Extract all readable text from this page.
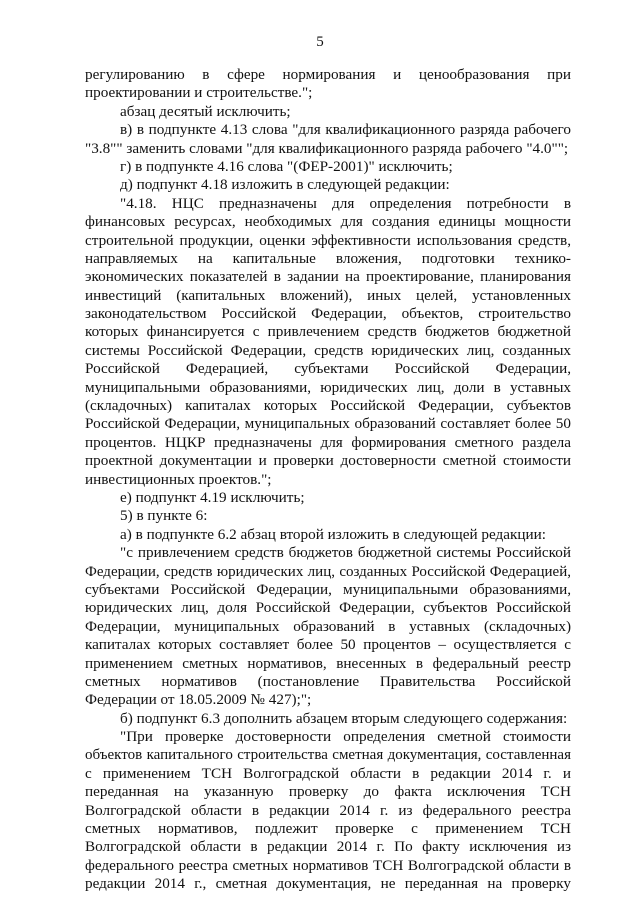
5
регулированию в сфере нормирования и ценообразования при
проектировании и строительстве.";
абзац десятый исключить;
в) в подпункте 4.13 слова "для квалификационного разряда рабочего
"3.8"" заменить словами "для квалификационного разряда рабочего "4.0"";
г) в подпункте 4.16 слова "(ФЕР-2001)" исключить;
д) подпункт 4.18 изложить в следующей редакции:
"4.18. НЦС предназначены для определения потребности в
финансовых ресурсах, необходимых для создания единицы мощности
строительной продукции, оценки эффективности использования средств,
направляемых на капитальные вложения, подготовки технико-
экономических показателей в задании на проектирование, планирования
инвестиций (капитальных вложений), иных целей, установленных
законодательством Российской Федерации, объектов, строительство
которых финансируется с привлечением средств бюджетов бюджетной
системы Российской Федерации, средств юридических лиц, созданных
Российской Федерацией, субъектами Российской Федерации,
муниципальными образованиями, юридических лиц, доли в уставных
(складочных) капиталах которых Российской Федерации, субъектов
Российской Федерации, муниципальных образований составляет более 50
процентов. НЦКР предназначены для формирования сметного раздела
проектной документации и проверки достоверности сметной стоимости
инвестиционных проектов.";
е) подпункт 4.19 исключить;
5) в пункте 6:
а) в подпункте 6.2 абзац второй изложить в следующей редакции:
"с привлечением средств бюджетов бюджетной системы Российской
Федерации, средств юридических лиц, созданных Российской Федерацией,
субъектами Российской Федерации, муниципальными образованиями,
юридических лиц, доля Российской Федерации, субъектов Российской
Федерации, муниципальных образований в уставных (складочных)
капиталах которых составляет более 50 процентов – осуществляется с
применением сметных нормативов, внесенных в федеральный реестр
сметных нормативов (постановление Правительства Российской
Федерации от 18.05.2009 № 427);";
б) подпункт 6.3 дополнить абзацем вторым следующего содержания:
"При проверке достоверности определения сметной стоимости
объектов капитального строительства сметная документация, составленная
с применением ТСН Волгоградской области в редакции 2014 г. и
переданная на указанную проверку до факта исключения ТСН
Волгоградской области в редакции 2014 г. из федерального реестра
сметных нормативов, подлежит проверке с применением ТСН
Волгоградской области в редакции 2014 г. По факту исключения из
федерального реестра сметных нормативов ТСН Волгоградской области в
редакции 2014 г., сметная документация, не переданная на проверку
